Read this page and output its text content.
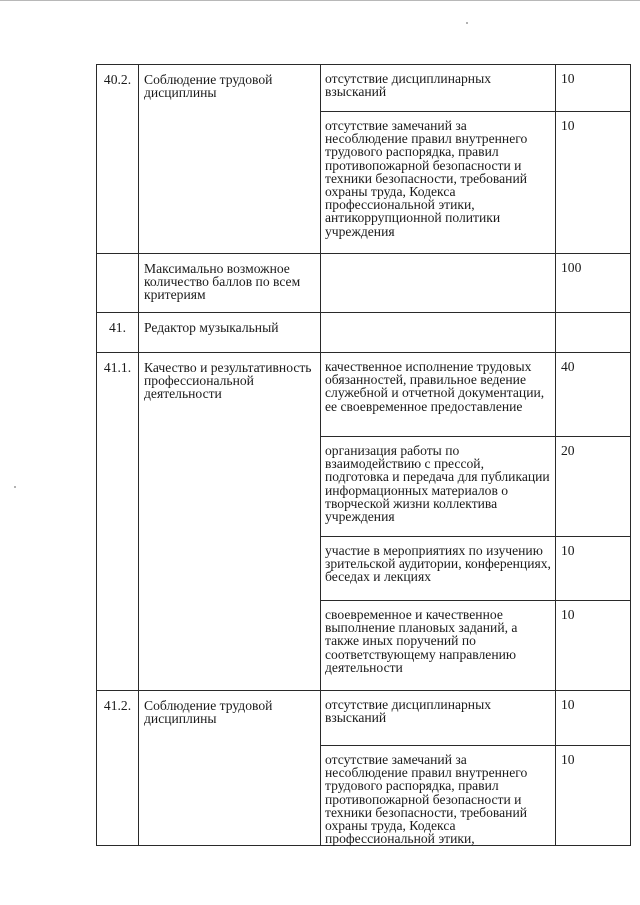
40.2.	Соблюдение трудовой дисциплины	отсутствие дисциплинарных взысканий	10

		отсутствие замечаний за несоблюдение правил внутреннего трудового распорядка, правил противопожарной безопасности и техники безопасности, требований охраны труда, Кодекса профессиональной этики, антикоррупционной политики учреждения	10

	Максимально возможное количество баллов по всем критериям		100

41.	Редактор музыкальный		

41.1.	Качество и результативность профессиональной деятельности	качественное исполнение трудовых обязанностей, правильное ведение служебной и отчетной документации, ее своевременное предоставление	40

		организация работы по взаимодействию с прессой, подготовка и передача для публикации информационных материалов о творческой жизни коллектива учреждения	20

		участие в мероприятиях по изучению зрительской аудитории, конференциях, беседах и лекциях	10

		своевременное и качественное выполнение плановых заданий, а также иных поручений по соответствующему направлению деятельности	10

41.2.	Соблюдение трудовой дисциплины	отсутствие дисциплинарных взысканий	10

		отсутствие замечаний за несоблюдение правил внутреннего трудового распорядка, правил противопожарной безопасности и техники безопасности, требований охраны труда, Кодекса профессиональной этики,	10
